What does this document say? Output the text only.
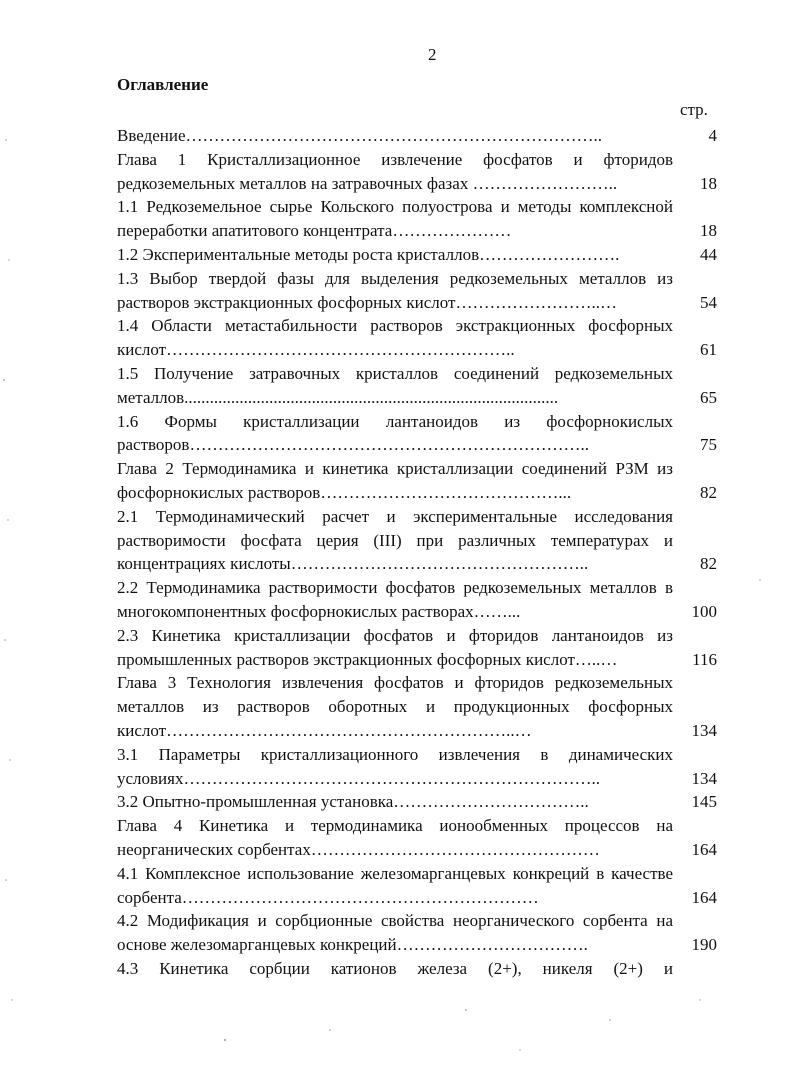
2
Оглавление
стр.
Введение………………………………………………………………..	4
Глава 1 Кристаллизационное извлечение фосфатов и фторидов редкоземельных металлов на затравочных фазах ……………………..	18
1.1 Редкоземельное сырье Кольского полуострова и методы комплексной переработки апатитового концентрата…………………	18
1.2 Экспериментальные методы роста кристаллов…………………….	44
1.3 Выбор твердой фазы для выделения редкоземельных металлов из растворов экстракционных фосфорных кислот……………………..…	54
1.4 Области метастабильности растворов экстракционных фосфорных кислот……………………………………………………..	61
1.5 Получение затравочных кристаллов соединений редкоземельных металлов........................................................................................	65
1.6 Формы кристаллизации лантаноидов из фосфорнокислых растворов……………………………………………………………..	75
Глава 2 Термодинамика и кинетика кристаллизации соединений РЗМ из фосфорнокислых растворов……………………………………...	82
2.1 Термодинамический расчет и экспериментальные исследования растворимости фосфата церия (III) при различных температурах и концентрациях кислоты……………………………………………..	82
2.2 Термодинамика растворимости фосфатов редкоземельных металлов в многокомпонентных фосфорнокислых растворах……...	100
2.3 Кинетика кристаллизации фосфатов и фторидов лантаноидов из промышленных растворов экстракционных фосфорных кислот…..…	116
Глава 3 Технология извлечения фосфатов и фторидов редкоземельных металлов из растворов оборотных и продукционных фосфорных кислот……………………………………………………..…	134
3.1 Параметры кристаллизационного извлечения в динамических условиях………………………………………………………………..	134
3.2 Опытно-промышленная установка……………………………..	145
Глава 4 Кинетика и термодинамика ионообменных процессов на неорганических сорбентах……………………………………………	164
4.1 Комплексное использование железомарганцевых конкреций в качестве сорбента………………………………………………………	164
4.2 Модификация и сорбционные свойства неорганического сорбента на основе железомарганцевых конкреций…………………………….	190
4.3 Кинетика сорбции катионов железа (2+), никеля (2+) и
